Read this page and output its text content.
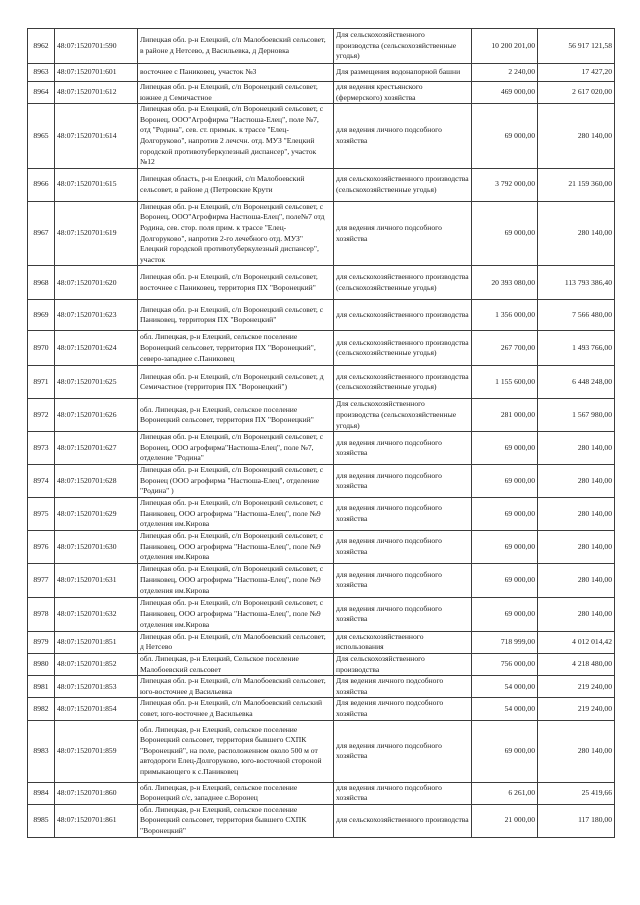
8962	48:07:1520701:590	Липецкая обл. р-н Елецкий, с/п Малобоевский сельсовет, в районе д Нетсево, д Васильевка, д Дерновка	Для сельскохозяйственного производства (сельскохозяйственные угодья)	10 200 201,00	56 917 121,58
8963	48:07:1520701:601	восточнее с Паниковец, участок №3	Для размещения водонапорной башни	2 240,00	17 427,20
8964	48:07:1520701:612	Липецкая обл. р-н Елецкий, с/п Воронецкий сельсовет, южнее д Семичастное	для ведения крестьянского (фермерского) хозяйства	469 000,00	2 617 020,00
8965	48:07:1520701:614	Липецкая обл. р-н Елецкий, с/п Воронецкий сельсовет, с Воронец, ООО"Агрофирма "Настюша-Елец", поле №7, отд "Родина", сев. ст. примык. к трассе "Елец-Долгоруково", напротив 2 лечсчн. отд. МУЗ "Елецкий городской противотуберкулезный диспансер", участок №12	для ведения личного подсобного хозяйства	69 000,00	280 140,00
8966	48:07:1520701:615	Липецкая область, р-н Елецкий, с/п Малобоевский сельсовет, в районе д (Петровские Крути	для сельскохозяйственного производства (сельскохозяйственные угодья)	3 792 000,00	21 159 360,00
8967	48:07:1520701:619	Липецкая обл. р-н Елецкий, с/п Воронецкий сельсовет, с Воронец, ООО"Агрофирма Настюша-Елец", поле№7 отд Родина, сев. стор. поля прим. к трассе "Елец-Долгоруково", напротив 2-го лечебного отд. МУЗ" Елецкий городской противотуберкулезный диспансер", участок	для ведения личного подсобного хозяйства	69 000,00	280 140,00
8968	48:07:1520701:620	Липецкая обл. р-н Елецкий, с/п Воронецкий сельсовет, восточнее с Паниковец, территория ПХ "Воронецкий"	для сельскохозяйственного производства (сельскохозяйственные угодья)	20 393 080,00	113 793 386,40
8969	48:07:1520701:623	Липецкая обл. р-н Елецкий, с/п Воронецкий сельсовет, с Паниковец, территория ПХ "Воронецкий"	для сельскохозяйственного производства	1 356 000,00	7 566 480,00
8970	48:07:1520701:624	обл. Липецкая, р-н Елецкий, сельское поселение Воронецкий сельсовет, территория ПХ "Воронецкий", северо-западнее с.Паниковец	для сельскохозяйственного производства (сельскохозяйственные угодья)	267 700,00	1 493 766,00
8971	48:07:1520701:625	Липецкая обл. р-н Елецкий, с/п Воронецкий сельсовет, д Семичастное (территория ПХ "Воронецкий")	для сельскохозяйственного производства (сельскохозяйственные угодья)	1 155 600,00	6 448 248,00
8972	48:07:1520701:626	обл. Липецкая, р-н Елецкий, сельское поселение Воронецкий сельсовет, территория ПХ "Воронецкий"	Для сельскохозяйственного производства (сельскохозяйственные угодья)	281 000,00	1 567 980,00
8973	48:07:1520701:627	Липецкая обл. р-н Елецкий, с/п Воронецкий сельсовет, с Воронец, ООО агрофирма"Настюша-Елец", поле №7, отделение "Родина"	для ведения личного подсобного хозяйства	69 000,00	280 140,00
8974	48:07:1520701:628	Липецкая обл. р-н Елецкий, с/п Воронецкий сельсовет, с Воронец (ООО агрофирма "Настюша-Елец", отделение "Родина" )	для ведения личного подсобного хозяйства	69 000,00	280 140,00
8975	48:07:1520701:629	Липецкая обл. р-н Елецкий, с/п Воронецкий сельсовет, с Паниковец, ООО агрофирма "Настюша-Елец", поле №9 отделения им.Кирова	для ведения личного подсобного хозяйства	69 000,00	280 140,00
8976	48:07:1520701:630	Липецкая обл. р-н Елецкий, с/п Воронецкий сельсовет, с Паниковец, ООО агрофирма "Настюша-Елец", поле №9 отделения им.Кирова	для ведения личного подсобного хозяйства	69 000,00	280 140,00
8977	48:07:1520701:631	Липецкая обл. р-н Елецкий, с/п Воронецкий сельсовет, с Паниковец, ООО агрофирма "Настюша-Елец", поле №9 отделения им.Кирова	для ведения личного подсобного хозяйства	69 000,00	280 140,00
8978	48:07:1520701:632	Липецкая обл. р-н Елецкий, с/п Воронецкий сельсовет, с Паниковец, ООО агрофирма "Настюша-Елец", поле №9 отделения им.Кирова	для ведения личного подсобного хозяйства	69 000,00	280 140,00
8979	48:07:1520701:851	Липецкая обл. р-н Елецкий, с/п Малобоевский сельсовет, д Нетсево	для сельскохозяйственного использования	718 999,00	4 012 014,42
8980	48:07:1520701:852	обл. Липецкая, р-н Елецкий, Сельское поселение Малобоевский сельсовет	Для сельскохозяйственного производства	756 000,00	4 218 480,00
8981	48:07:1520701:853	Липецкая обл. р-н Елецкий, с/п Малобоевский сельсовет, юго-восточнее д Васильевка	Для ведения личного подсобного хозяйства	54 000,00	219 240,00
8982	48:07:1520701:854	Липецкая обл. р-н Елецкий, с/п Малобоевский сельский совет, юго-восточнее д Васильевка	Для ведения личного подсобного хозяйства	54 000,00	219 240,00
8983	48:07:1520701:859	обл. Липецкая, р-н Елецкий, сельское поселение Воронецкий сельсовет, территория бывшего СХПК "Воронецкий", на поле, расположенном около 500 м от автодороги Елец-Долгоруково, юго-восточной стороной примыкающего к с.Паниковец	для ведения личного подсобного хозяйства	69 000,00	280 140,00
8984	48:07:1520701:860	обл. Липецкая, р-н Елецкий, сельское поселение Воронецкий с/с, западнее с.Воронец	для ведения личного подсобного хозяйства	6 261,00	25 419,66
8985	48:07:1520701:861	обл. Липецкая, р-н Елецкий, сельское поселение Воронецкий сельсовет, территория бывшего СХПК "Воронецкий"	для сельскохозяйственного производства	21 000,00	117 180,00
